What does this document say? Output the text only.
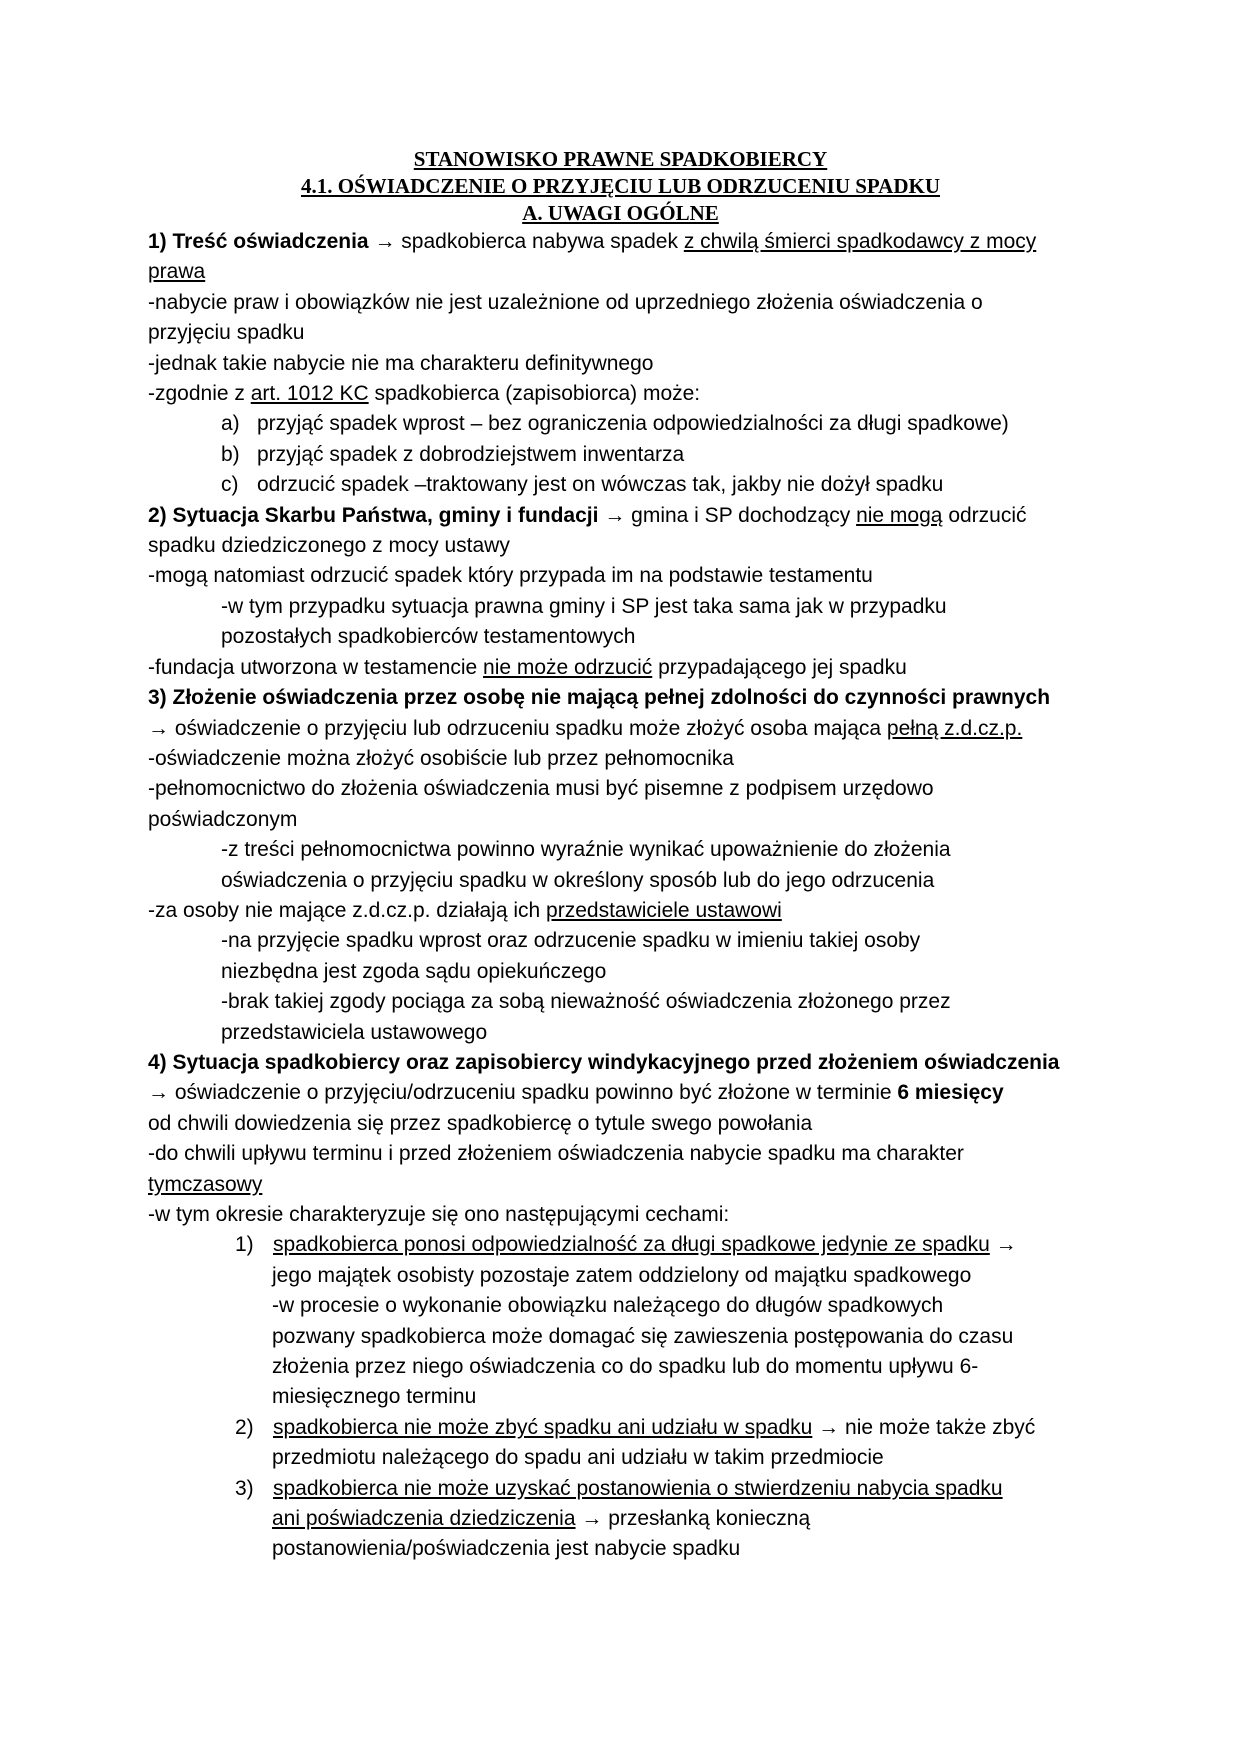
STANOWISKO PRAWNE SPADKOBIERCY
4.1. OŚWIADCZENIE O PRZYJĘCIU LUB ODRZUCENIU SPADKU
A. UWAGI OGÓLNE
1) Treść oświadczenia → spadkobierca nabywa spadek z chwilą śmierci spadkodawcy z mocy
prawa
-nabycie praw i obowiązków nie jest uzależnione od uprzedniego złożenia oświadczenia o
przyjęciu spadku
-jednak takie nabycie nie ma charakteru definitywnego
-zgodnie z art. 1012 KC spadkobierca (zapisobiorca) może:
a) przyjąć spadek wprost – bez ograniczenia odpowiedzialności za długi spadkowe)
b) przyjąć spadek z dobrodziejstwem inwentarza
c) odrzucić spadek –traktowany jest on wówczas tak, jakby nie dożył spadku
2) Sytuacja Skarbu Państwa, gminy i fundacji → gmina i SP dochodzący nie mogą odrzucić
spadku dziedziczonego z mocy ustawy
-mogą natomiast odrzucić spadek który przypada im na podstawie testamentu
-w tym przypadku sytuacja prawna gminy i SP jest taka sama jak w przypadku
pozostałych spadkobierców testamentowych
-fundacja utworzona w testamencie nie może odrzucić przypadającego jej spadku
3) Złożenie oświadczenia przez osobę nie mającą pełnej zdolności do czynności prawnych
→ oświadczenie o przyjęciu lub odrzuceniu spadku może złożyć osoba mająca pełną z.d.cz.p.
-oświadczenie można złożyć osobiście lub przez pełnomocnika
-pełnomocnictwo do złożenia oświadczenia musi być pisemne z podpisem urzędowo
poświadczonym
-z treści pełnomocnictwa powinno wyraźnie wynikać upoważnienie do złożenia
oświadczenia o przyjęciu spadku w określony sposób lub do jego odrzucenia
-za osoby nie mające z.d.cz.p. działają ich przedstawiciele ustawowi
-na przyjęcie spadku wprost oraz odrzucenie spadku w imieniu takiej osoby
niezbędna jest zgoda sądu opiekuńczego
-brak takiej zgody pociąga za sobą nieważność oświadczenia złożonego przez
przedstawiciela ustawowego
4) Sytuacja spadkobiercy oraz zapisobiercy windykacyjnego przed złożeniem oświadczenia
→ oświadczenie o przyjęciu/odrzuceniu spadku powinno być złożone w terminie 6 miesięcy
od chwili dowiedzenia się przez spadkobiercę o tytule swego powołania
-do chwili upływu terminu i przed złożeniem oświadczenia nabycie spadku ma charakter
tymczasowy
-w tym okresie charakteryzuje się ono następującymi cechami:
1) spadkobierca ponosi odpowiedzialność za długi spadkowe jedynie ze spadku →
jego majątek osobisty pozostaje zatem oddzielony od majątku spadkowego
-w procesie o wykonanie obowiązku należącego do długów spadkowych
pozwany spadkobierca może domagać się zawieszenia postępowania do czasu
złożenia przez niego oświadczenia co do spadku lub do momentu upływu 6-
miesięcznego terminu
2) spadkobierca nie może zbyć spadku ani udziału w spadku → nie może także zbyć
przedmiotu należącego do spadu ani udziału w takim przedmiocie
3) spadkobierca nie może uzyskać postanowienia o stwierdzeniu nabycia spadku
ani poświadczenia dziedziczenia → przesłanką konieczną
postanowienia/poświadczenia jest nabycie spadku
